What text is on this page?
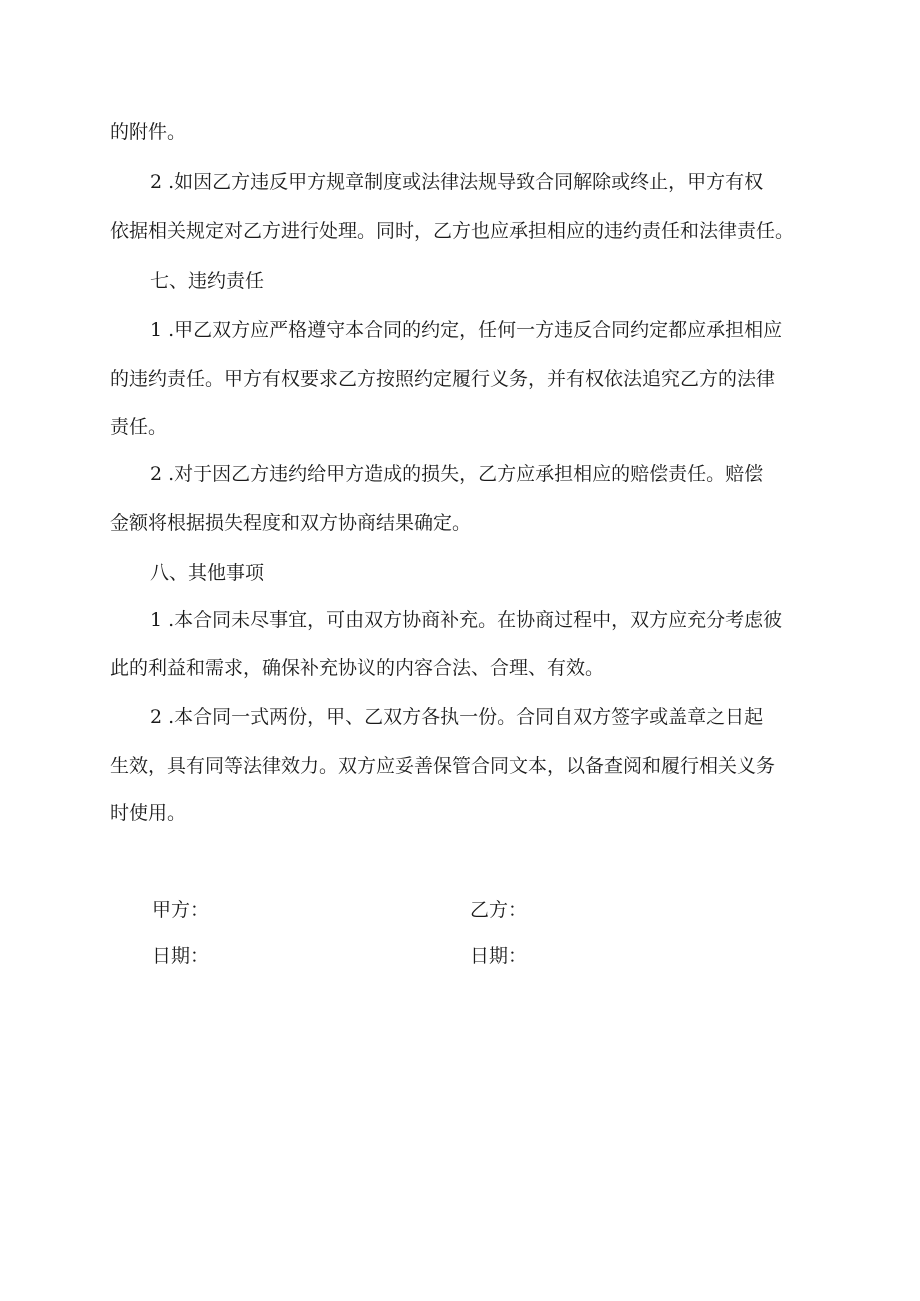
的附件。

2 .如因乙方违反甲方规章制度或法律法规导致合同解除或终止，甲方有权

依据相关规定对乙方进行处理。同时，乙方也应承担相应的违约责任和法律责任。

七、违约责任

1 .甲乙双方应严格遵守本合同的约定，任何一方违反合同约定都应承担相应

的违约责任。甲方有权要求乙方按照约定履行义务，并有权依法追究乙方的法律

责任。

2 .对于因乙方违约给甲方造成的损失，乙方应承担相应的赔偿责任。赔偿

金额将根据损失程度和双方协商结果确定。

八、其他事项

1 .本合同未尽事宜，可由双方协商补充。在协商过程中，双方应充分考虑彼

此的利益和需求，确保补充协议的内容合法、合理、有效。

2 .本合同一式两份，甲、乙双方各执一份。合同自双方签字或盖章之日起

生效，具有同等法律效力。双方应妥善保管合同文本，以备查阅和履行相关义务

时使用。

甲方：	乙方：

日期：	日期：
